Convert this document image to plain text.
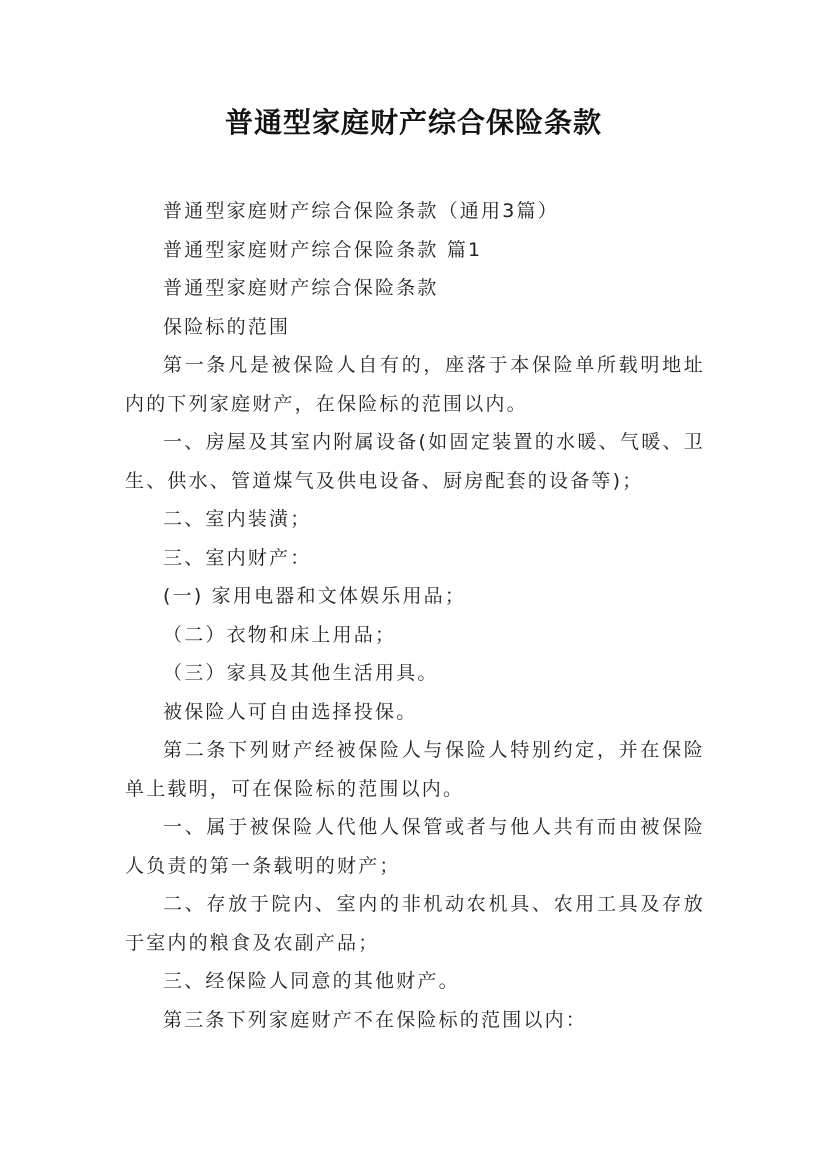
普通型家庭财产综合保险条款

普通型家庭财产综合保险条款（通用3篇）

普通型家庭财产综合保险条款 篇1

普通型家庭财产综合保险条款

保险标的范围

第一条凡是被保险人自有的，座落于本保险单所载明地址内的下列家庭财产，在保险标的范围以内。

一、房屋及其室内附属设备(如固定装置的水暖、气暖、卫生、供水、管道煤气及供电设备、厨房配套的设备等)；

二、室内装潢；

三、室内财产：

(一) 家用电器和文体娱乐用品；

（二）衣物和床上用品；

（三）家具及其他生活用具。

被保险人可自由选择投保。

第二条下列财产经被保险人与保险人特别约定，并在保险单上载明，可在保险标的范围以内。

一、属于被保险人代他人保管或者与他人共有而由被保险人负责的第一条载明的财产；

二、存放于院内、室内的非机动农机具、农用工具及存放于室内的粮食及农副产品；

三、经保险人同意的其他财产。

第三条下列家庭财产不在保险标的范围以内：
